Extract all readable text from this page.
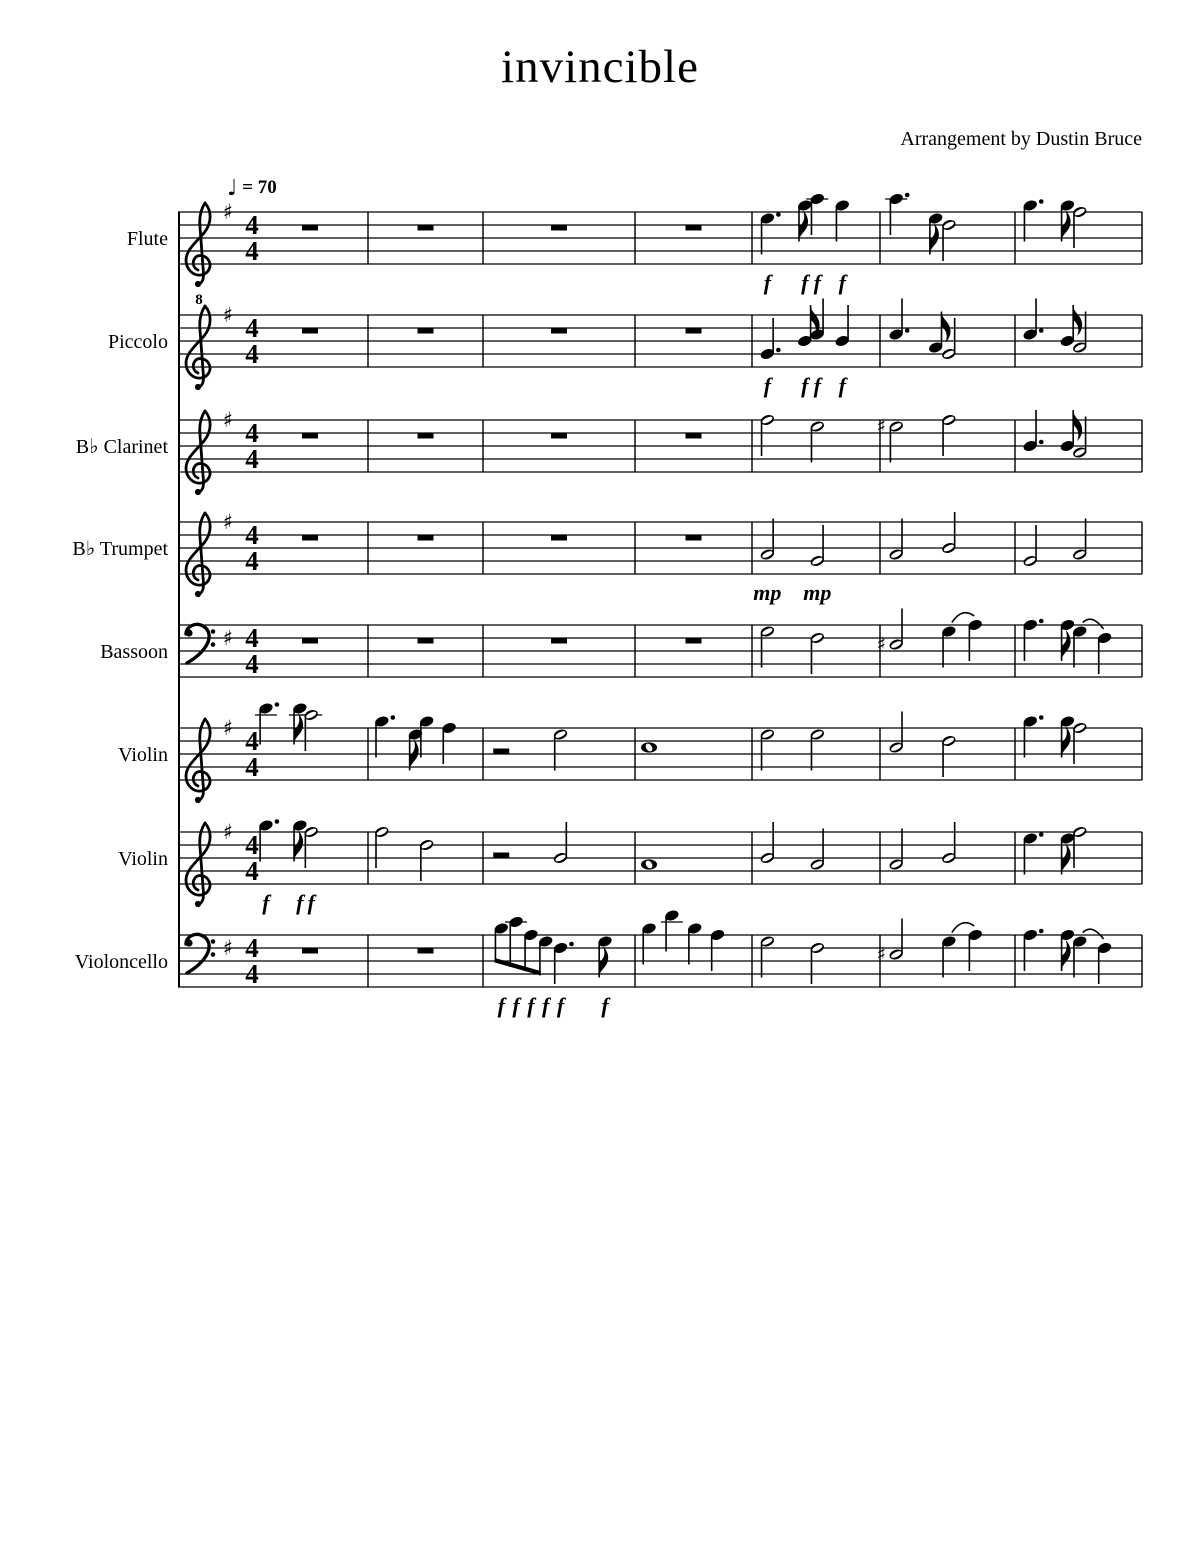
invincible
Arrangement by Dustin Bruce
♩ = 70
Flute
♯ 4
4
f f f f
Piccolo
8
♯ 4
4
f f f f
B♭ Clarinet
♯ 4
4
♯
B♭ Trumpet
♯ 4
4
mp mp
Bassoon
♯ 4
4
♯
Violin
♯ 4
4
Violin
♯ 4
4
f f f
Violoncello
♯ 4
4
♯
f f f f f f
